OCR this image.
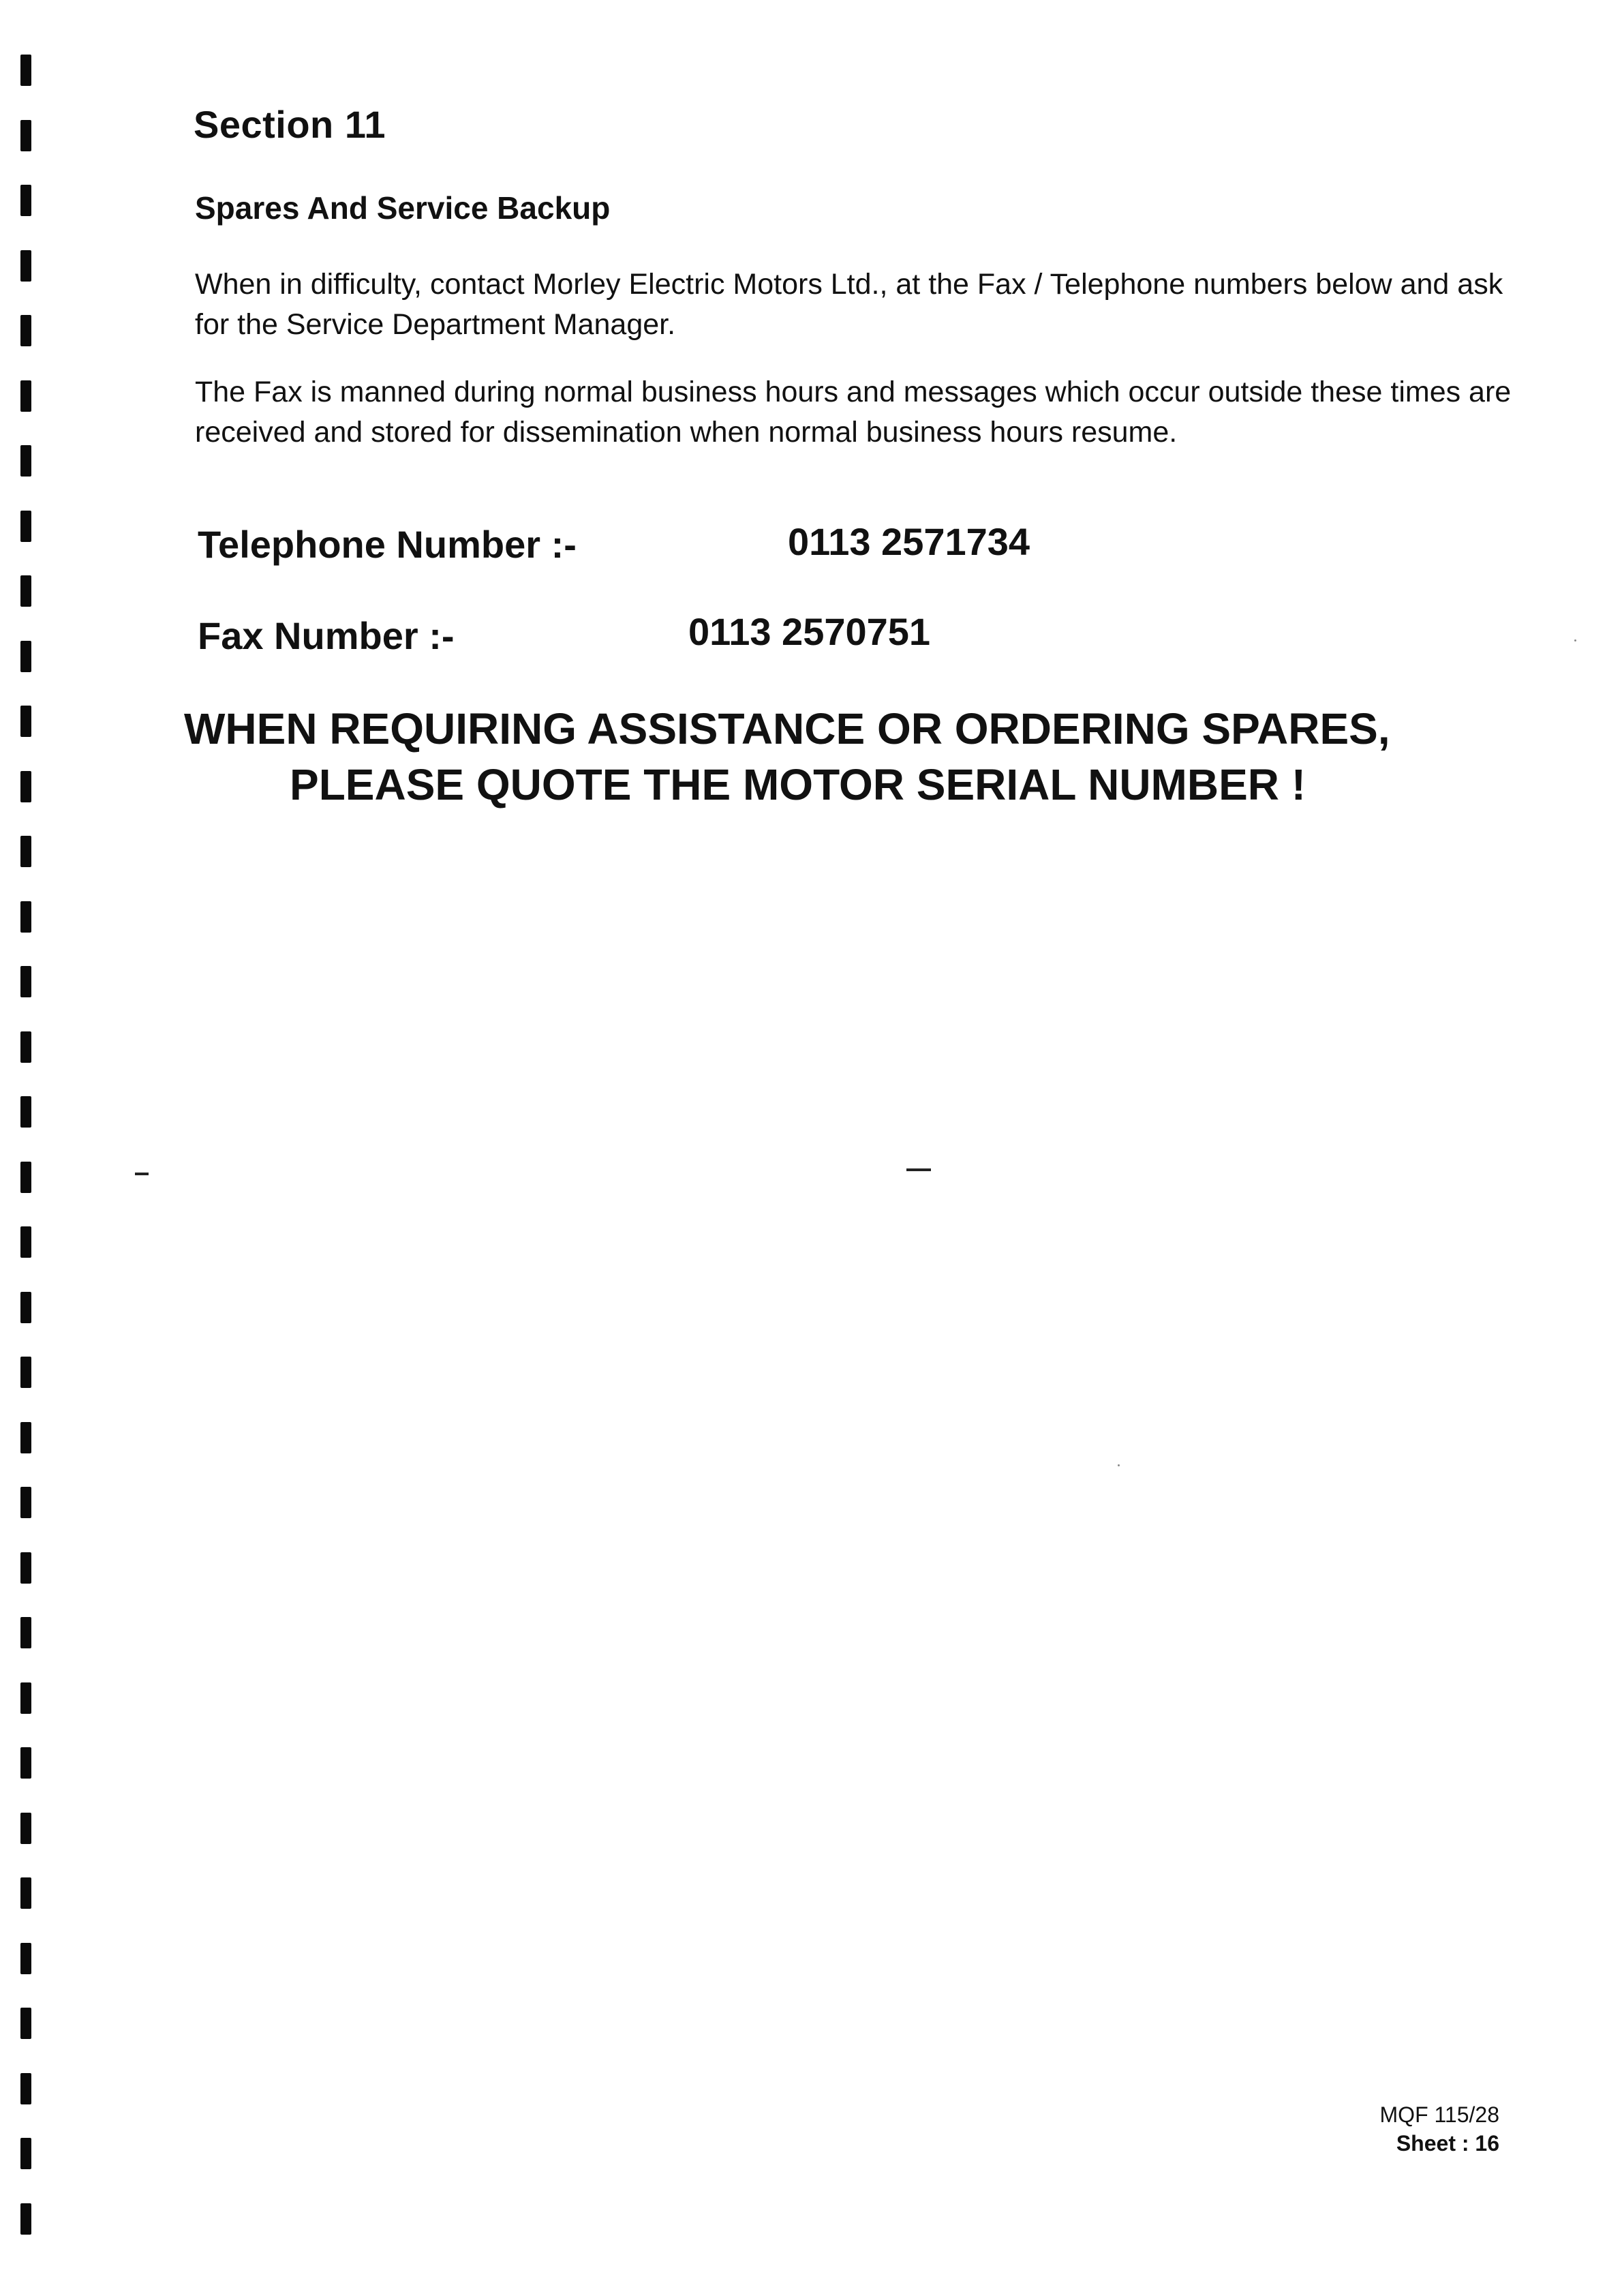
Section 11
Spares And Service Backup
When in difficulty, contact Morley Electric Motors Ltd., at the Fax / Telephone numbers below and ask for the Service Department Manager.
The Fax is manned during normal business hours and messages which occur outside these times are received and stored for dissemination when normal business hours resume.
Telephone Number :-	0113 2571734
Fax Number :-	0113 2570751
WHEN REQUIRING ASSISTANCE OR ORDERING SPARES,
PLEASE QUOTE THE MOTOR SERIAL NUMBER !
MQF 115/28
Sheet : 16
